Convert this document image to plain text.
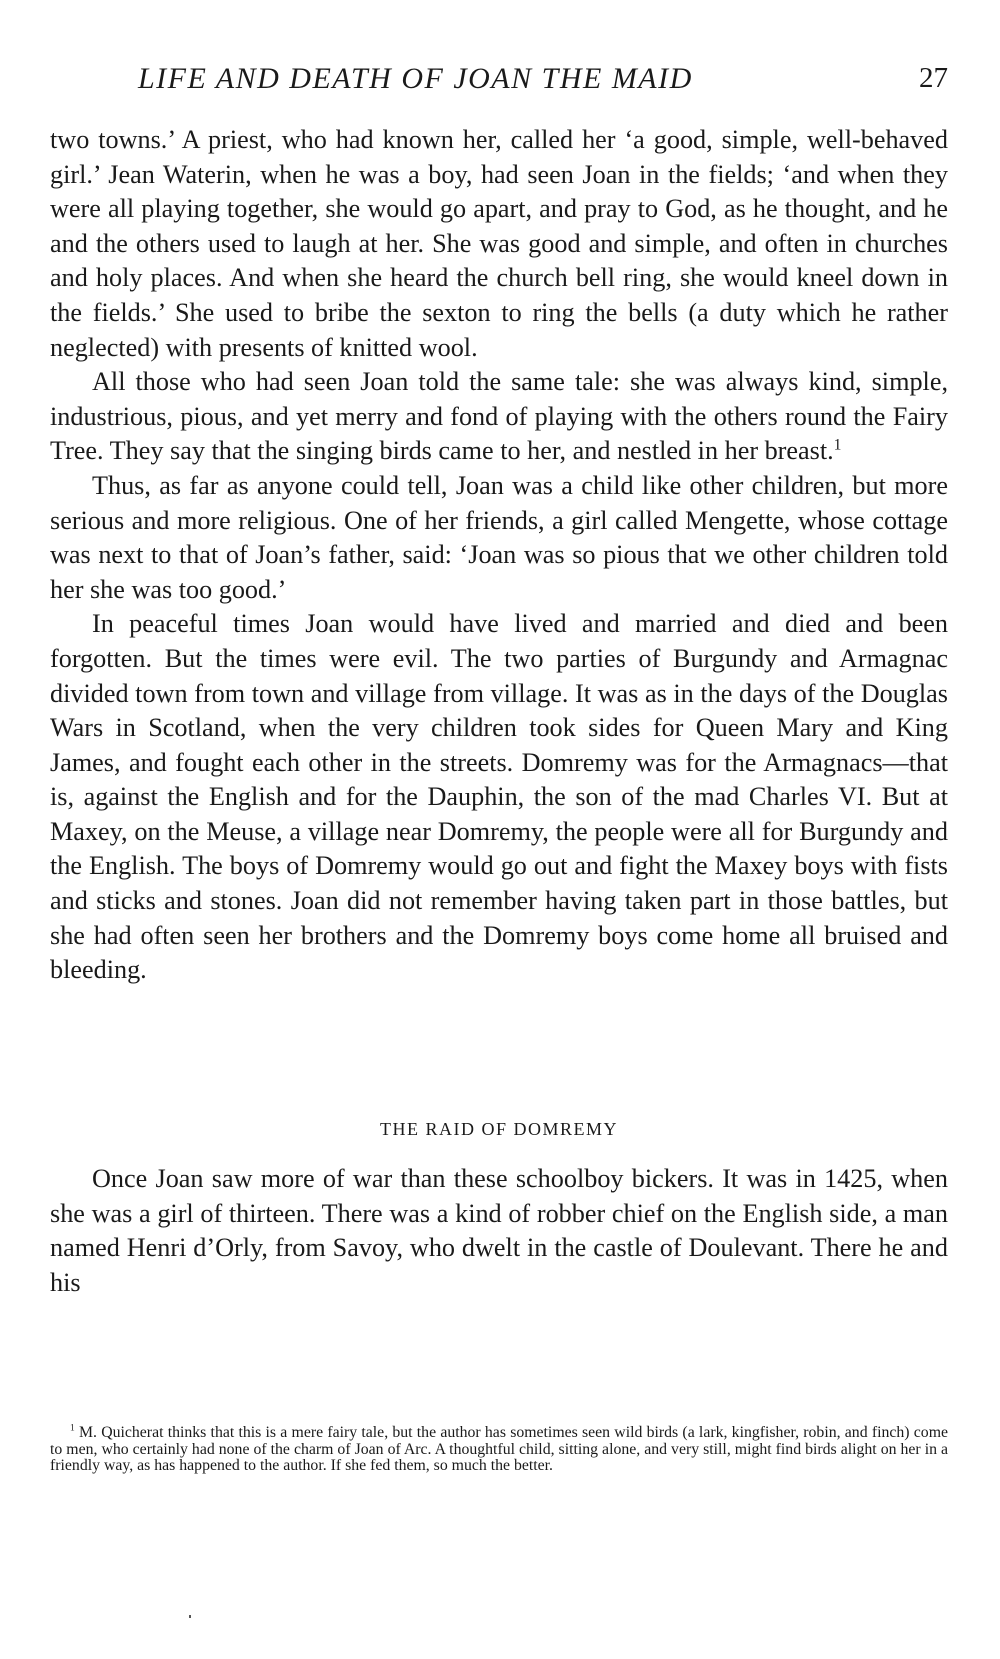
LIFE AND DEATH OF JOAN THE MAID	27

two towns.’ A priest, who had known her, called her ‘a good, simple, well-behaved girl.’ Jean Waterin, when he was a boy, had seen Joan in the fields; ‘and when they were all playing together, she would go apart, and pray to God, as he thought, and he and the others used to laugh at her. She was good and simple, and often in churches and holy places. And when she heard the church bell ring, she would kneel down in the fields.’ She used to bribe the sexton to ring the bells (a duty which he rather neglected) with presents of knitted wool.

All those who had seen Joan told the same tale: she was always kind, simple, industrious, pious, and yet merry and fond of playing with the others round the Fairy Tree. They say that the singing birds came to her, and nestled in her breast.$^1$

Thus, as far as anyone could tell, Joan was a child like other children, but more serious and more religious. One of her friends, a girl called Mengette, whose cottage was next to that of Joan’s father, said: ‘Joan was so pious that we other children told her she was too good.’

In peaceful times Joan would have lived and married and died and been forgotten. But the times were evil. The two parties of Burgundy and Armagnac divided town from town and village from village. It was as in the days of the Douglas Wars in Scotland, when the very children took sides for Queen Mary and King James, and fought each other in the streets. Domremy was for the Armagnacs—that is, against the English and for the Dauphin, the son of the mad Charles VI. But at Maxey, on the Meuse, a village near Domremy, the people were all for Burgundy and the English. The boys of Domremy would go out and fight the Maxey boys with fists and sticks and stones. Joan did not remember having taken part in those battles, but she had often seen her brothers and the Domremy boys come home all bruised and bleeding.

THE RAID OF DOMREMY

Once Joan saw more of war than these schoolboy bickers. It was in 1425, when she was a girl of thirteen. There was a kind of robber chief on the English side, a man named Henri d’Orly, from Savoy, who dwelt in the castle of Doulevant. There he and his

$^1$ M. Quicherat thinks that this is a mere fairy tale, but the author has sometimes seen wild birds (a lark, kingfisher, robin, and finch) come to men, who certainly had none of the charm of Joan of Arc. A thoughtful child, sitting alone, and very still, might find birds alight on her in a friendly way, as has happened to the author. If she fed them, so much the better.
